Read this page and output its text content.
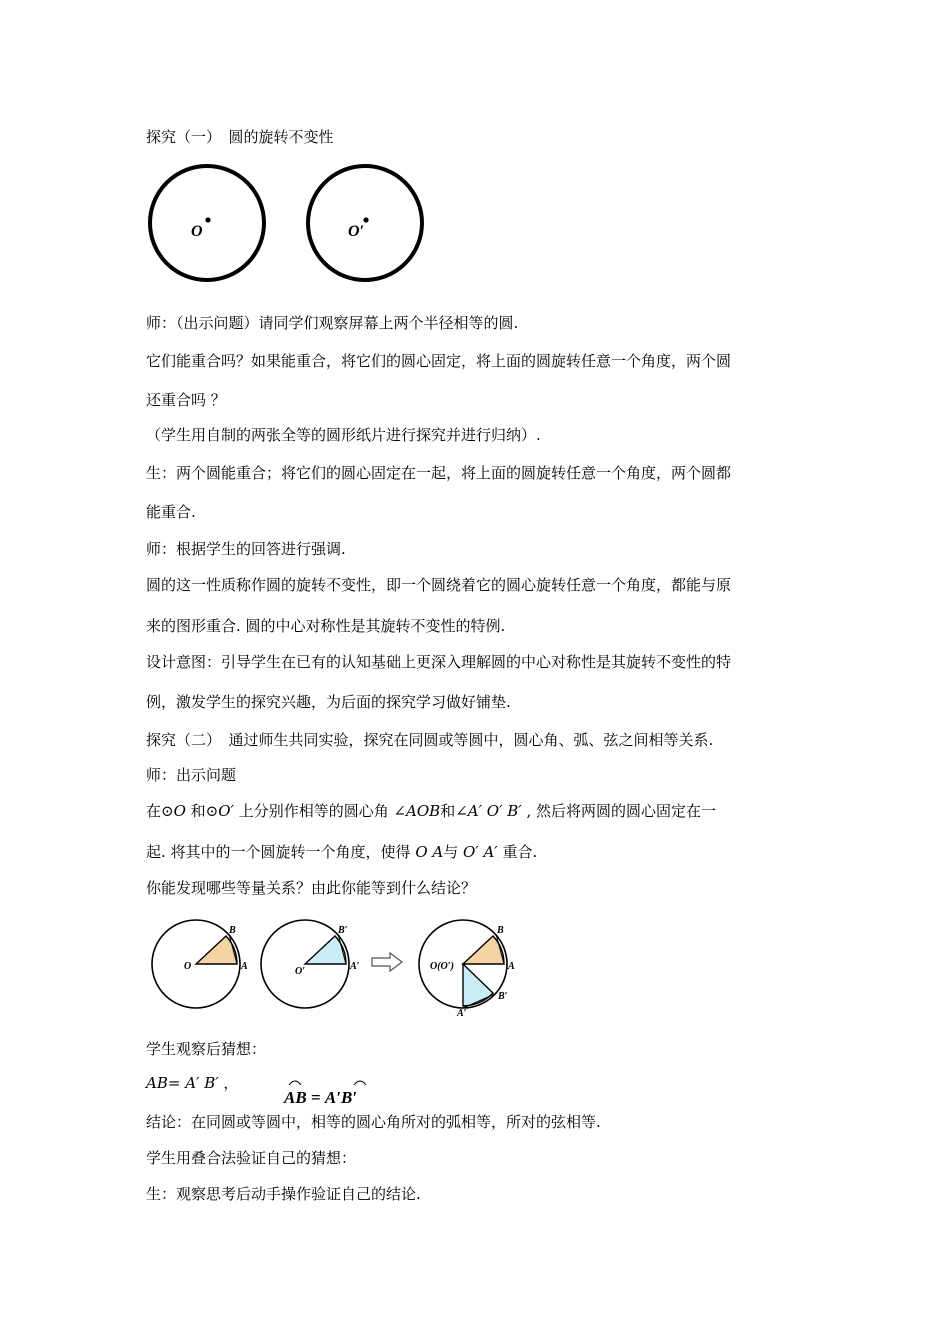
探究（一）　圆的旋转不变性
O	O′
师：（出示问题）请同学们观察屏幕上两个半径相等的圆.
它们能重合吗？如果能重合，将它们的圆心固定，将上面的圆旋转任意一个角度，两个圆
还重合吗 ？
（学生用自制的两张全等的圆形纸片进行探究并进行归纳）.
生：两个圆能重合；将它们的圆心固定在一起，将上面的圆旋转任意一个角度，两个圆都
能重合.
师：根据学生的回答进行强调.
圆的这一性质称作圆的旋转不变性，即一个圆绕着它的圆心旋转任意一个角度，都能与原
来的图形重合. 圆的中心对称性是其旋转不变性的特例.
设计意图：引导学生在已有的认知基础上更深入理解圆的中心对称性是其旋转不变性的特
例，激发学生的探究兴趣，为后面的探究学习做好铺垫.
探究（二）　通过师生共同实验，探究在同圆或等圆中，圆心角、弧、弦之间相等关系.
师：出示问题
在⊙O 和⊙O′ 上分别作相等的圆心角 ∠AOB和∠A′ O′ B′ , 然后将两圆的圆心固定在一
起. 将其中的一个圆旋转一个角度，使得 O A与 O′ A′ 重合.
你能发现哪些等量关系？由此你能等到什么结论？
O	A
B
O′	A′
B′
O(O′)	A
B
B′
A′
学生观察后猜想：
AB= A′ B′ ，
AB =
A′B′
结论：在同圆或等圆中，相等的圆心角所对的弧相等，所对的弦相等.
学生用叠合法验证自己的猜想：
生：观察思考后动手操作验证自己的结论.
